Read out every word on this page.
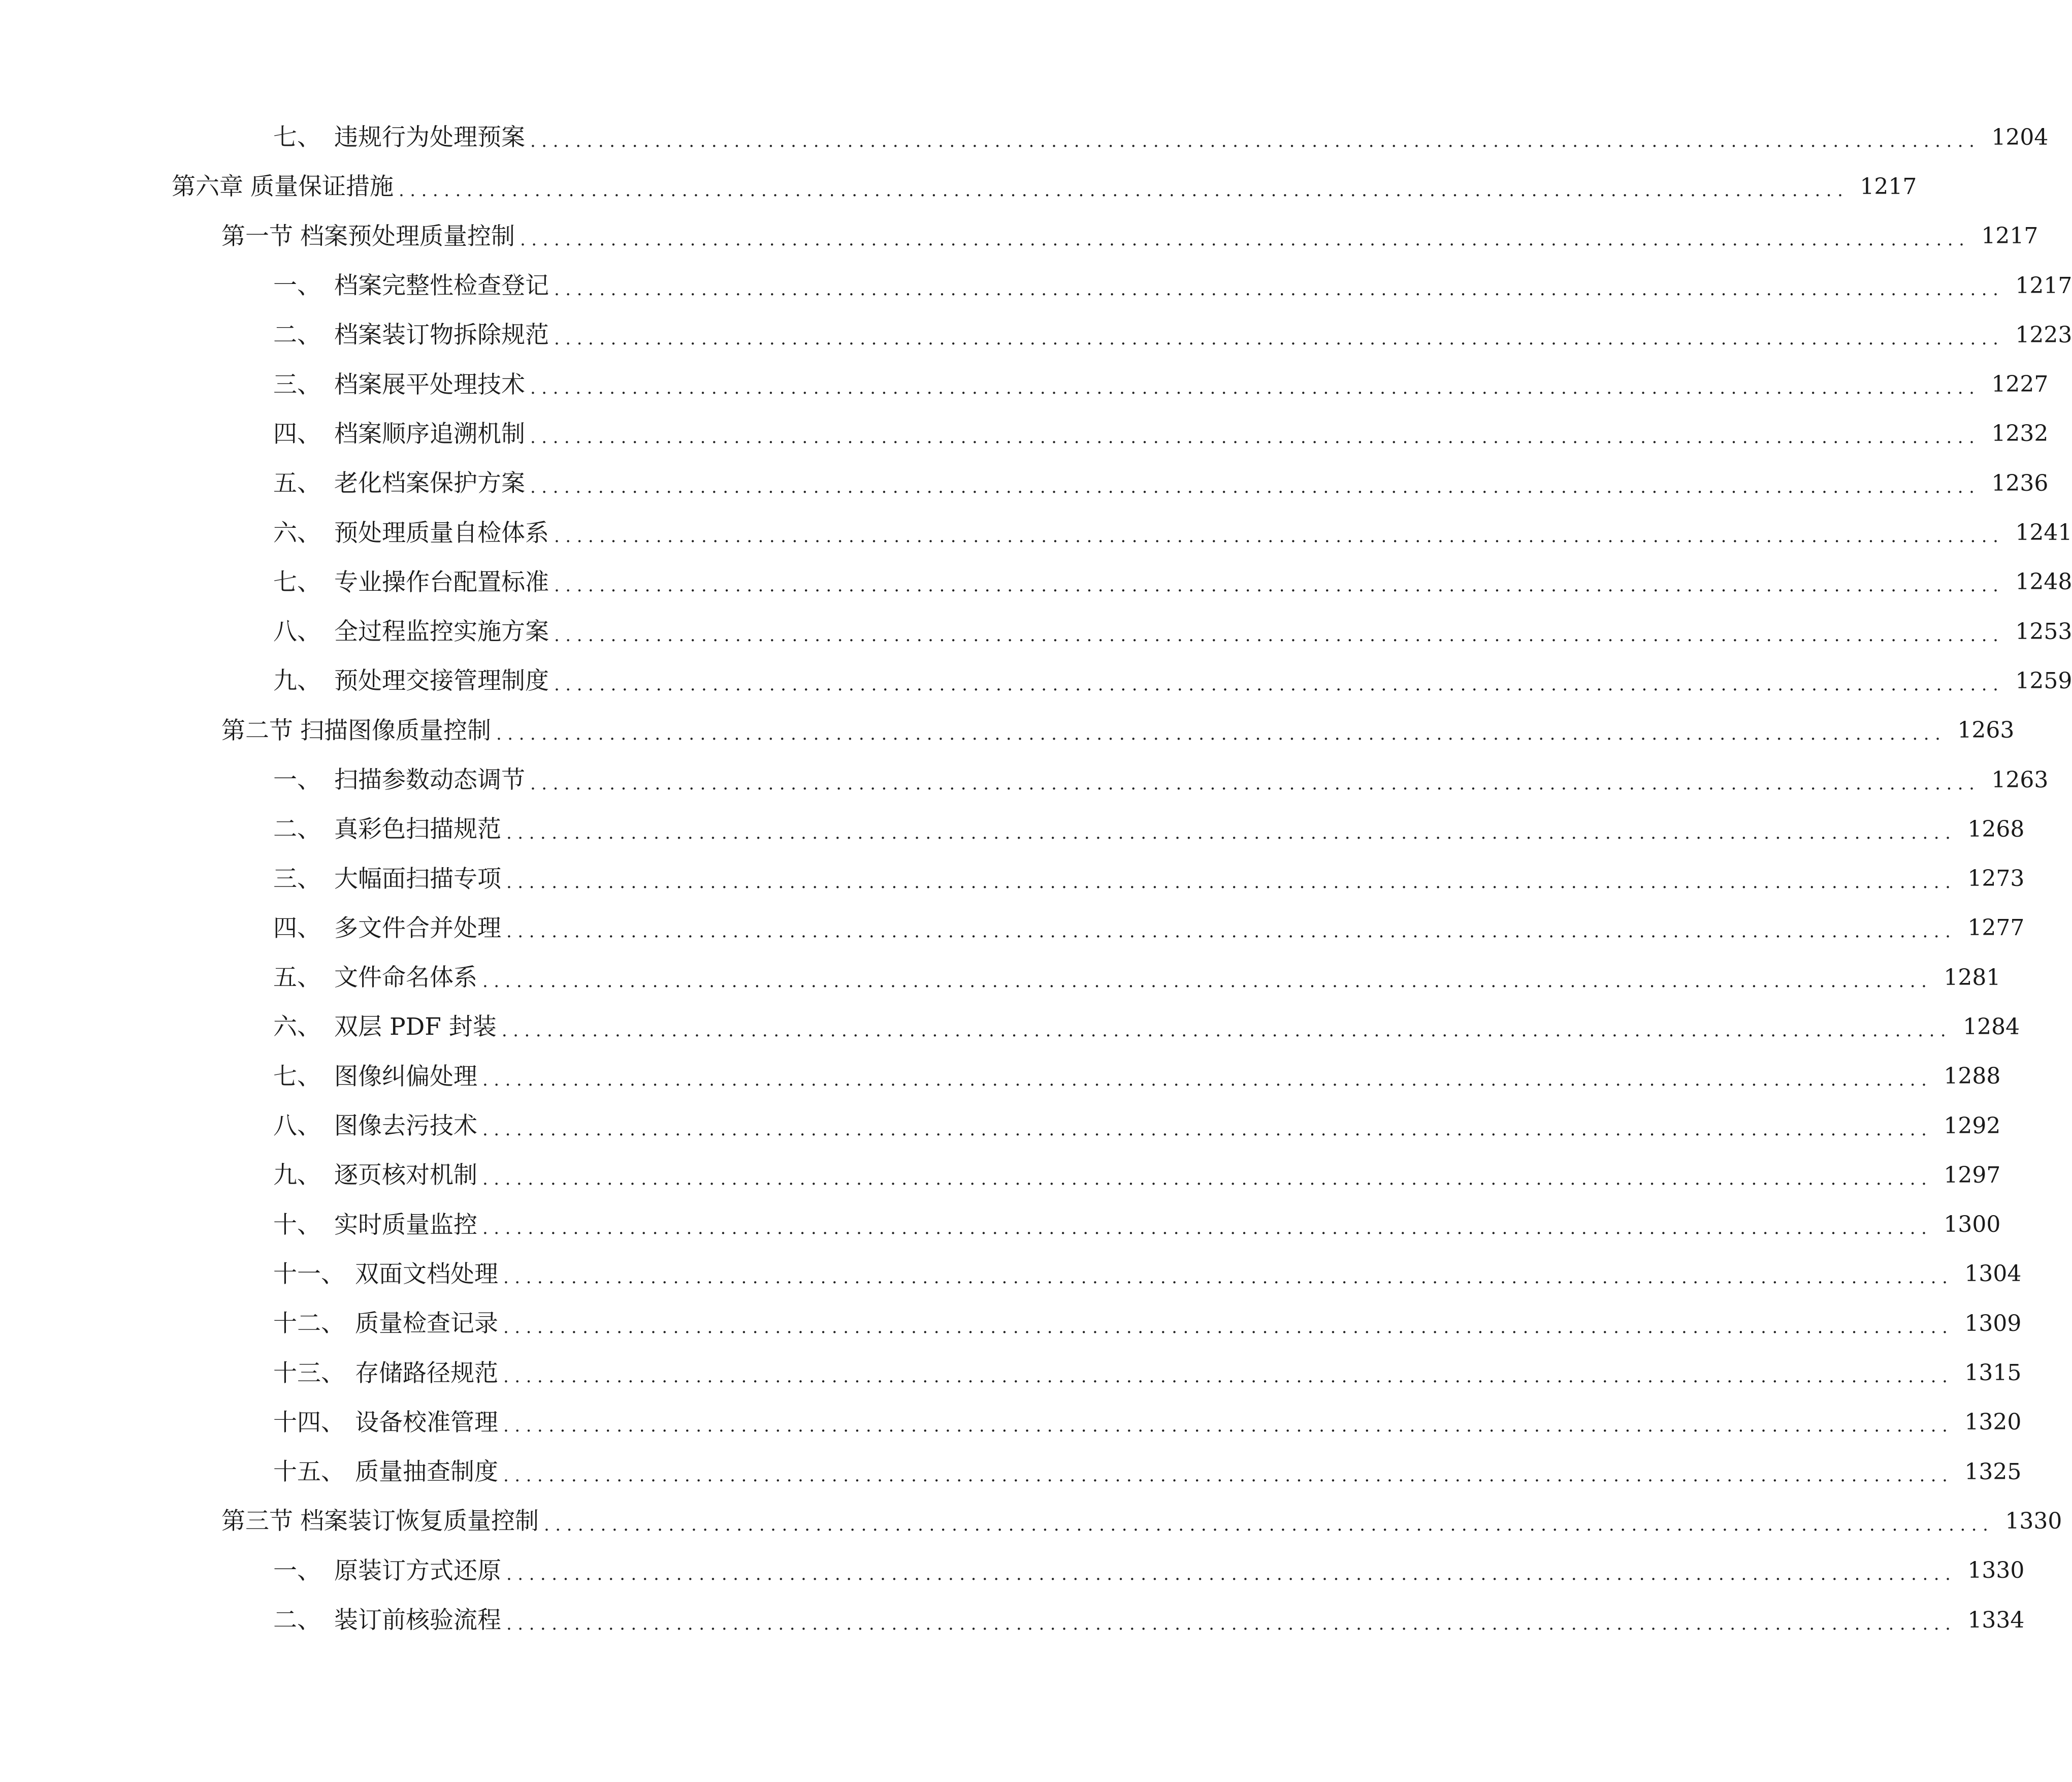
七、 违规行为处理预案 ................................................................................................................................ 1204
第六章 质量保证措施 ................................................................................................................................ 1217
第一节 档案预处理质量控制 ................................................................................................................................ 1217
一、 档案完整性检查登记 ................................................................................................................................ 1217
二、 档案装订物拆除规范 ................................................................................................................................ 1223
三、 档案展平处理技术 ................................................................................................................................ 1227
四、 档案顺序追溯机制 ................................................................................................................................ 1232
五、 老化档案保护方案 ................................................................................................................................ 1236
六、 预处理质量自检体系 ................................................................................................................................ 1241
七、 专业操作台配置标准 ................................................................................................................................ 1248
八、 全过程监控实施方案 ................................................................................................................................ 1253
九、 预处理交接管理制度 ................................................................................................................................ 1259
第二节 扫描图像质量控制 ................................................................................................................................ 1263
一、 扫描参数动态调节 ................................................................................................................................ 1263
二、 真彩色扫描规范 ................................................................................................................................ 1268
三、 大幅面扫描专项 ................................................................................................................................ 1273
四、 多文件合并处理 ................................................................................................................................ 1277
五、 文件命名体系 ................................................................................................................................ 1281
六、 双层 PDF 封装 ................................................................................................................................ 1284
七、 图像纠偏处理 ................................................................................................................................ 1288
八、 图像去污技术 ................................................................................................................................ 1292
九、 逐页核对机制 ................................................................................................................................ 1297
十、 实时质量监控 ................................................................................................................................ 1300
十一、 双面文档处理 ................................................................................................................................ 1304
十二、 质量检查记录 ................................................................................................................................ 1309
十三、 存储路径规范 ................................................................................................................................ 1315
十四、 设备校准管理 ................................................................................................................................ 1320
十五、 质量抽查制度 ................................................................................................................................ 1325
第三节 档案装订恢复质量控制 ................................................................................................................................ 1330
一、 原装订方式还原 ................................................................................................................................ 1330
二、 装订前核验流程 ................................................................................................................................ 1334
